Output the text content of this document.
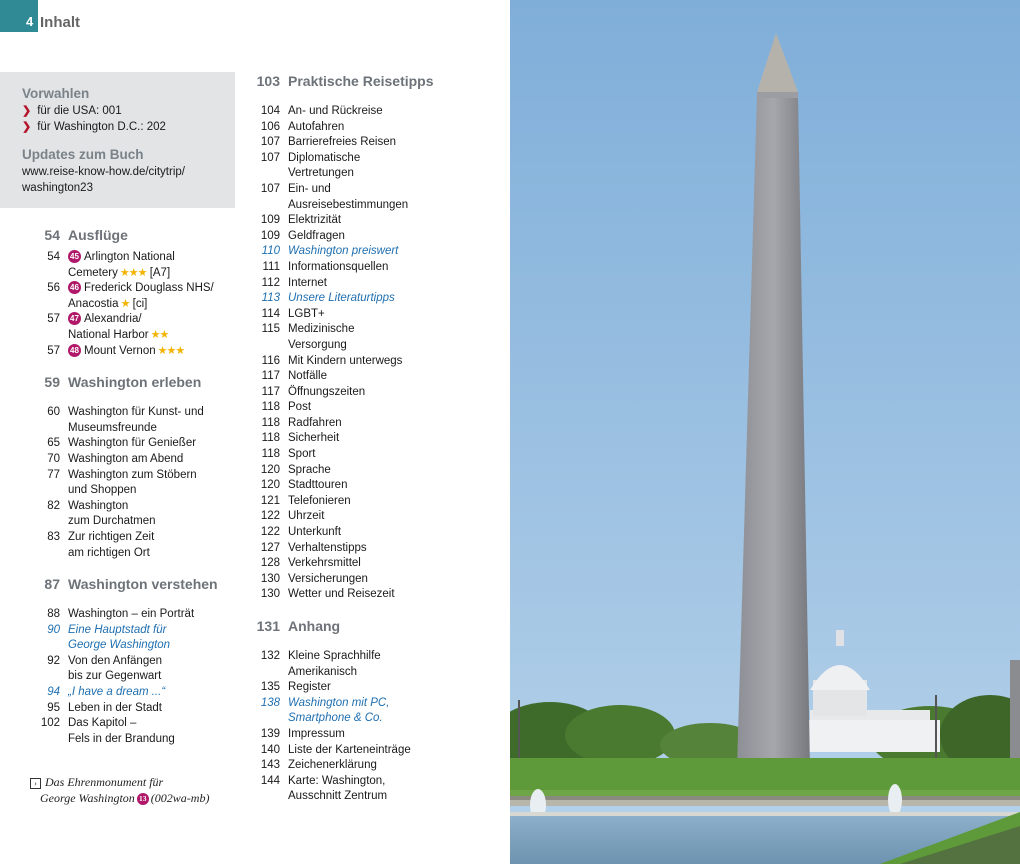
4 Inhalt
Vorwahlen
❯ für die USA: 001
❯ für Washington D.C.: 202
Updates zum Buch
www.reise-know-how.de/citytrip/
washington23
54 Ausflüge
54	45 Arlington National
Cemetery ★★★ [A7]
56	46 Frederick Douglass NHS/
Anacostia ★ [ci]
57	47 Alexandria/
National Harbor ★★
57	48 Mount Vernon ★★★
59 Washington erleben
60 Washington für Kunst- und
Museumsfreunde
65 Washington für Genießer
70 Washington am Abend
77 Washington zum Stöbern
und Shoppen
82 Washington
zum Durchatmen
83 Zur richtigen Zeit
am richtigen Ort
87 Washington verstehen
88 Washington – ein Porträt
90 Eine Hauptstadt für
George Washington
92 Von den Anfängen
bis zur Gegenwart
94 „I have a dream ...“
95 Leben in der Stadt
102 Das Kapitol –
Fels in der Brandung
› Das Ehrenmonument für
George Washington 13 (002wa-mb)
103 Praktische Reisetipps
104 An- und Rückreise
106 Autofahren
107 Barrierefreies Reisen
107 Diplomatische
Vertretungen
107 Ein- und
Ausreisebestimmungen
109 Elektrizität
109 Geldfragen
110 Washington preiswert
111 Informationsquellen
112 Internet
113 Unsere Literaturtipps
114 LGBT+
115 Medizinische
Versorgung
116 Mit Kindern unterwegs
117 Notfälle
117 Öffnungszeiten
118 Post
118 Radfahren
118 Sicherheit
118 Sport
120 Sprache
120 Stadttouren
121 Telefonieren
122 Uhrzeit
122 Unterkunft
127 Verhaltenstipps
128 Verkehrsmittel
130 Versicherungen
130 Wetter und Reisezeit
131 Anhang
132 Kleine Sprachhilfe
Amerikanisch
135 Register
138 Washington mit PC,
Smartphone & Co.
139 Impressum
140 Liste der Karteneinträge
143 Zeichenerklärung
144 Karte: Washington,
Ausschnitt Zentrum
